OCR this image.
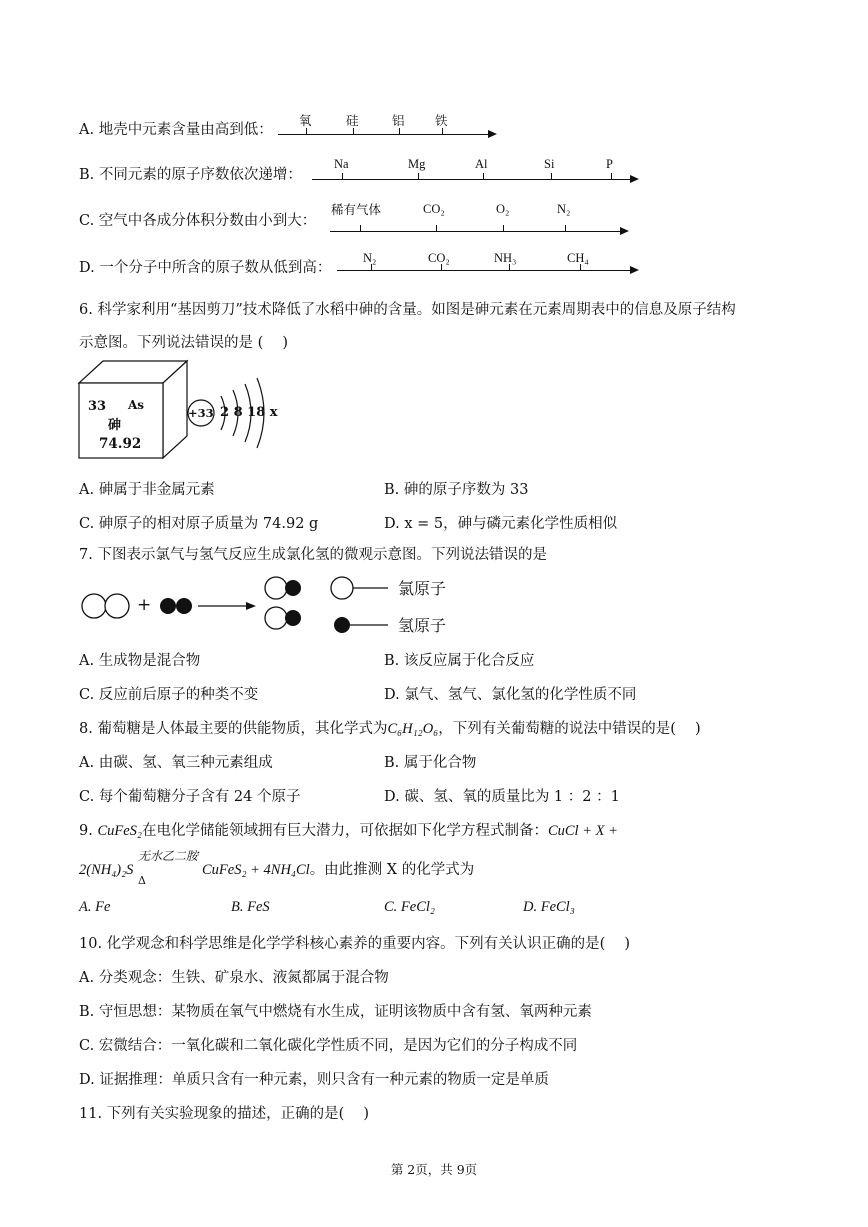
A. 地壳中元素含量由高到低：
氧	硅	铝 铁
B. 不同元素的原子序数依次递增：
Na	Mg	Al	Si	P
C. 空气中各成分体积分数由小到大：
稀有气体	CO₂	O₂	N₂
D. 一个分子中所含的原子数从低到高：
N₂	CO₂	NH₃	CH₄
6. 科学家利用“基因剪刀”技术降低了水稻中砷的含量。如图是砷元素在元素周期表中的信息及原子结构
示意图。下列说法错误的是 (　 )
33 As
砷
74.92
+33 2 8 18 x
A. 砷属于非金属元素	B. 砷的原子序数为 33
C. 砷原子的相对原子质量为 74.92 g	D. x = 5，砷与磷元素化学性质相似
7. 下图表示氯气与氢气反应生成氯化氢的微观示意图。下列说法错误的是
+
氯原子
氢原子
A. 生成物是混合物	B. 该反应属于化合反应
C. 反应前后原子的种类不变	D. 氯气、氢气、氯化氢的化学性质不同
8. 葡萄糖是人体最主要的供能物质，其化学式为C₆H₁₂O₆，下列有关葡萄糖的说法中错误的是(　 )
A. 由碳、氢、氧三种元素组成	B. 属于化合物
C. 每个葡萄糖分子含有 24 个原子	D. 碳、氢、氧的质量比为 1 ：2 ：1
9. CuFeS₂在电化学储能领域拥有巨大潜力，可依据如下化学方程式制备：CuCl + X +
2(NH₄)₂S
无水乙二胺
Δ
CuFeS₂ + 4NH₄Cl。由此推测 X 的化学式为
A. Fe	B. FeS	C. FeCl₂	D. FeCl₃
10. 化学观念和科学思维是化学学科核心素养的重要内容。下列有关认识正确的是(　 )
A. 分类观念：生铁、矿泉水、液氮都属于混合物
B. 守恒思想：某物质在氧气中燃烧有水生成，证明该物质中含有氢、氧两种元素
C. 宏微结合：一氧化碳和二氧化碳化学性质不同，是因为它们的分子构成不同
D. 证据推理：单质只含有一种元素，则只含有一种元素的物质一定是单质
11. 下列有关实验现象的描述，正确的是(　 )
第 2页，共 9页
